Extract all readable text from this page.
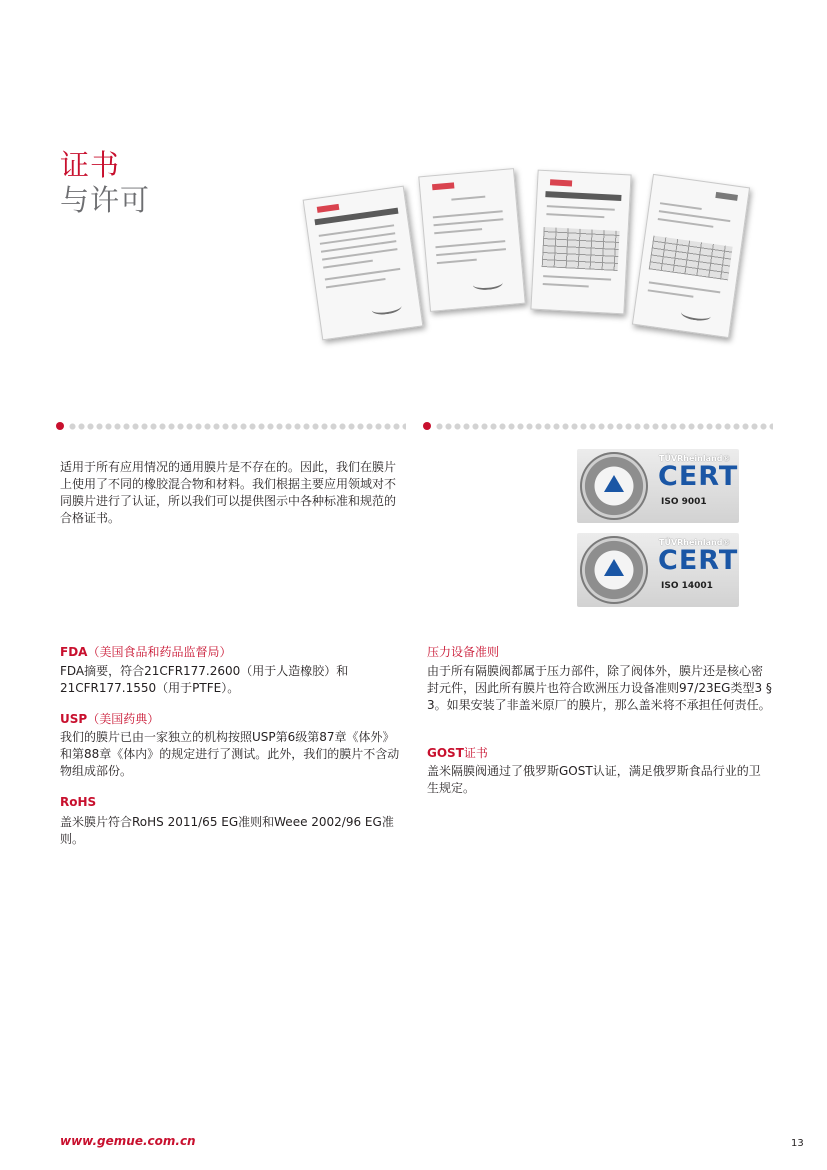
证书
与许可
适用于所有应用情况的通用膜片是不存在的。因此，我们在膜片上使用了不同的橡胶混合物和材料。我们根据主要应用领域对不同膜片进行了认证，所以我们可以提供图示中各种标准和规范的合格证书。
TÜVRheinland®
CERT
ISO 9001
TÜVRheinland®
CERT
ISO 14001
FDA（美国食品和药品监督局）
FDA摘要，符合21CFR177.2600（用于人造橡胶）和21CFR177.1550（用于PTFE）。
USP（美国药典）
我们的膜片已由一家独立的机构按照USP第6级第87章《体外》和第88章《体内》的规定进行了测试。此外，我们的膜片不含动物组成部份。
RoHS
盖米膜片符合RoHS 2011/65 EG准则和Weee 2002/96 EG准则。
压力设备准则
由于所有隔膜阀都属于压力部件，除了阀体外，膜片还是核心密封元件，因此所有膜片也符合欧洲压力设备准则97/23EG类型3 § 3。如果安装了非盖米原厂的膜片，那么盖米将不承担任何责任。
GOST证书
盖米隔膜阀通过了俄罗斯GOST认证，满足俄罗斯食品行业的卫生规定。
www.gemue.com.cn	13
